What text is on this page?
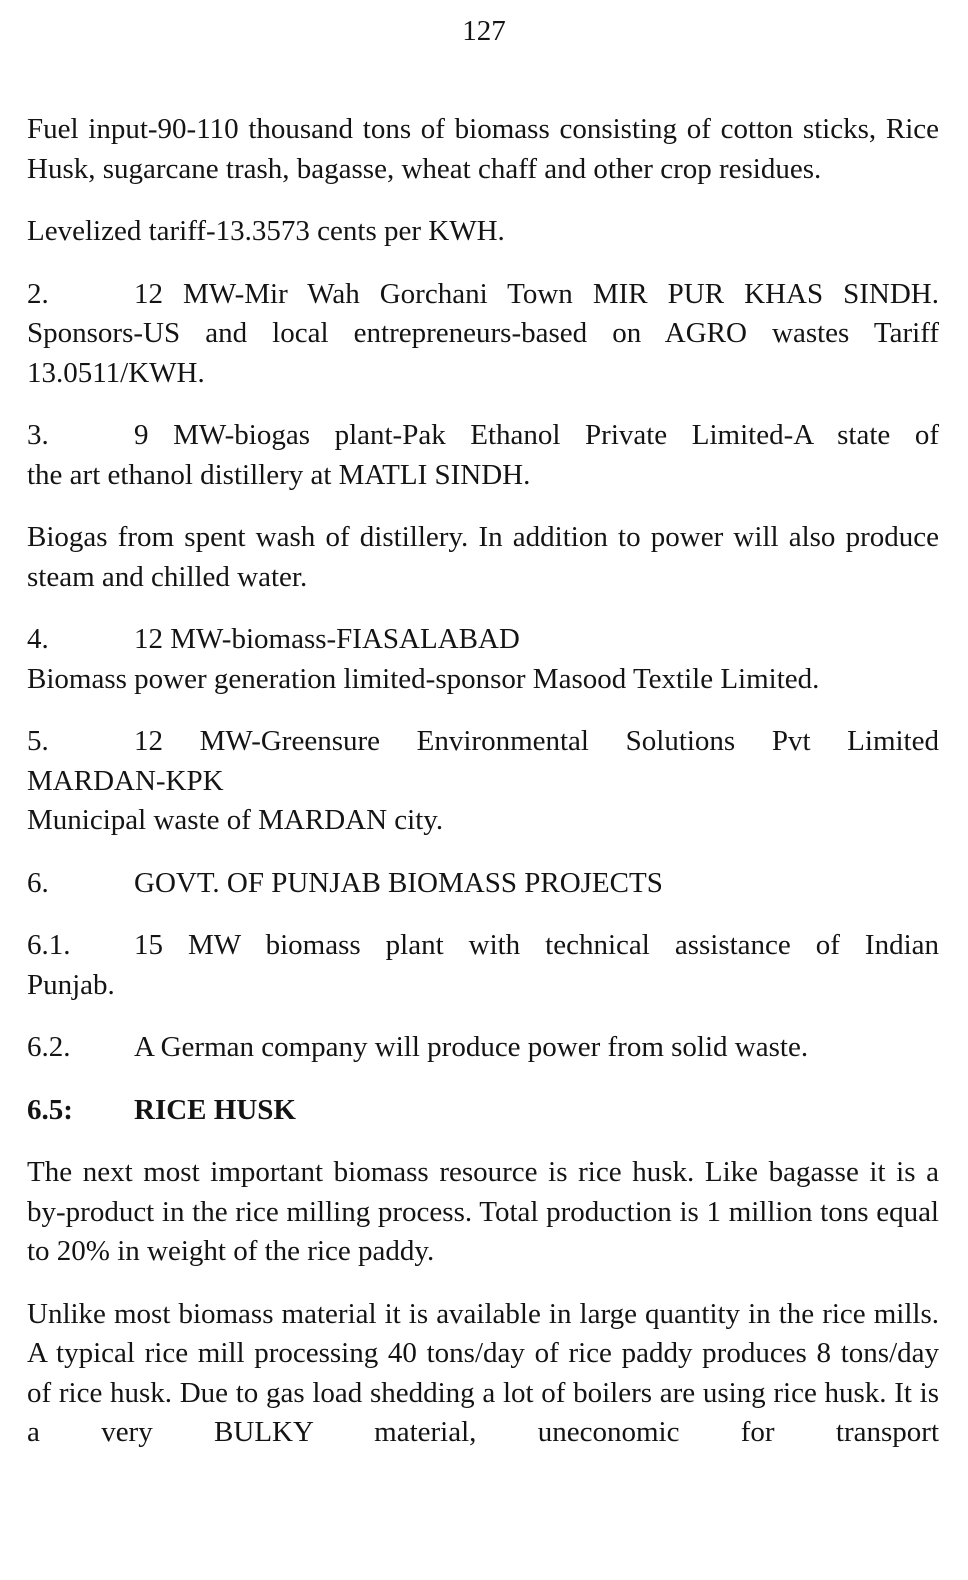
127

Fuel input-90-110 thousand tons of biomass consisting of cotton sticks, Rice Husk, sugarcane trash, bagasse, wheat chaff and other crop residues.

Levelized tariff-13.3573 cents per KWH.

2.	12 MW-Mir Wah Gorchani Town MIR PUR KHAS SINDH.
Sponsors-US and local entrepreneurs-based on AGRO wastes Tariff 13.0511/KWH.
3.	9 MW-biogas plant-Pak Ethanol Private Limited-A state of
the art ethanol distillery at MATLI SINDH.

Biogas from spent wash of distillery. In addition to power will also produce steam and chilled water.

4.	12 MW-biomass-FIASALABAD
Biomass power generation limited-sponsor Masood Textile Limited.
5.	12 MW-Greensure Environmental Solutions Pvt Limited
MARDAN-KPK
Municipal waste of MARDAN city.
6.	GOVT. OF PUNJAB BIOMASS PROJECTS
6.1.	15 MW biomass plant with technical assistance of Indian
Punjab.
6.2.	A German company will produce power from solid waste.
6.5:	RICE HUSK

The next most important biomass resource is rice husk. Like bagasse it is a by-product in the rice milling process. Total production is 1 million tons equal to 20% in weight of the rice paddy.

Unlike most biomass material it is available in large quantity in the rice mills. A typical rice mill processing 40 tons/day of rice paddy produces 8 tons/day of rice husk. Due to gas load shedding a lot of boilers are using rice husk. It is a very BULKY material, uneconomic for transport
